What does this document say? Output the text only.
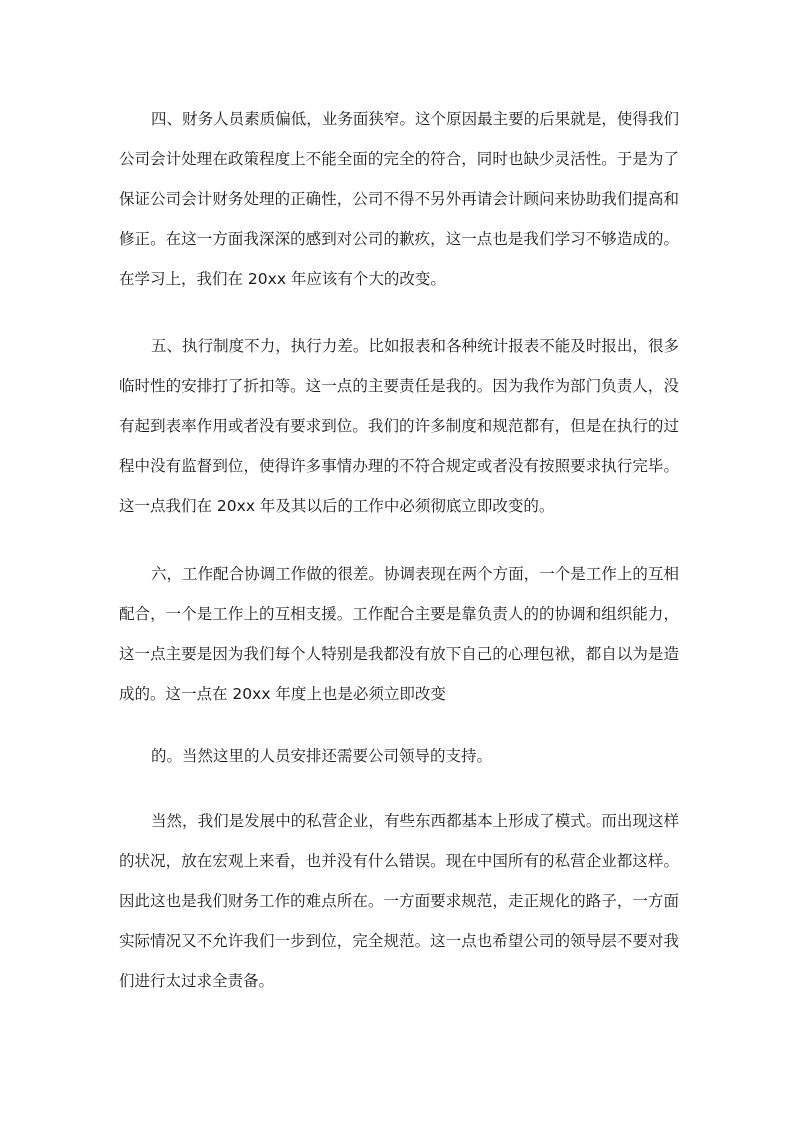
四、财务人员素质偏低，业务面狭窄。这个原因最主要的后果就是，使得我们公司会计处理在政策程度上不能全面的完全的符合，同时也缺少灵活性。于是为了保证公司会计财务处理的正确性，公司不得不另外再请会计顾问来协助我们提高和修正。在这一方面我深深的感到对公司的歉疚，这一点也是我们学习不够造成的。在学习上，我们在 20xx 年应该有个大的改变。

五、执行制度不力，执行力差。比如报表和各种统计报表不能及时报出，很多临时性的安排打了折扣等。这一点的主要责任是我的。因为我作为部门负责人，没有起到表率作用或者没有要求到位。我们的许多制度和规范都有，但是在执行的过程中没有监督到位，使得许多事情办理的不符合规定或者没有按照要求执行完毕。这一点我们在 20xx 年及其以后的工作中必须彻底立即改变的。

六，工作配合协调工作做的很差。协调表现在两个方面，一个是工作上的互相配合，一个是工作上的互相支援。工作配合主要是靠负责人的的协调和组织能力，这一点主要是因为我们每个人特别是我都没有放下自己的心理包袱，都自以为是造成的。这一点在 20xx 年度上也是必须立即改变

的。当然这里的人员安排还需要公司领导的支持。

当然，我们是发展中的私营企业，有些东西都基本上形成了模式。而出现这样的状况，放在宏观上来看，也并没有什么错误。现在中国所有的私营企业都这样。因此这也是我们财务工作的难点所在。一方面要求规范，走正规化的路子，一方面实际情况又不允许我们一步到位，完全规范。这一点也希望公司的领导层不要对我们进行太过求全责备。
